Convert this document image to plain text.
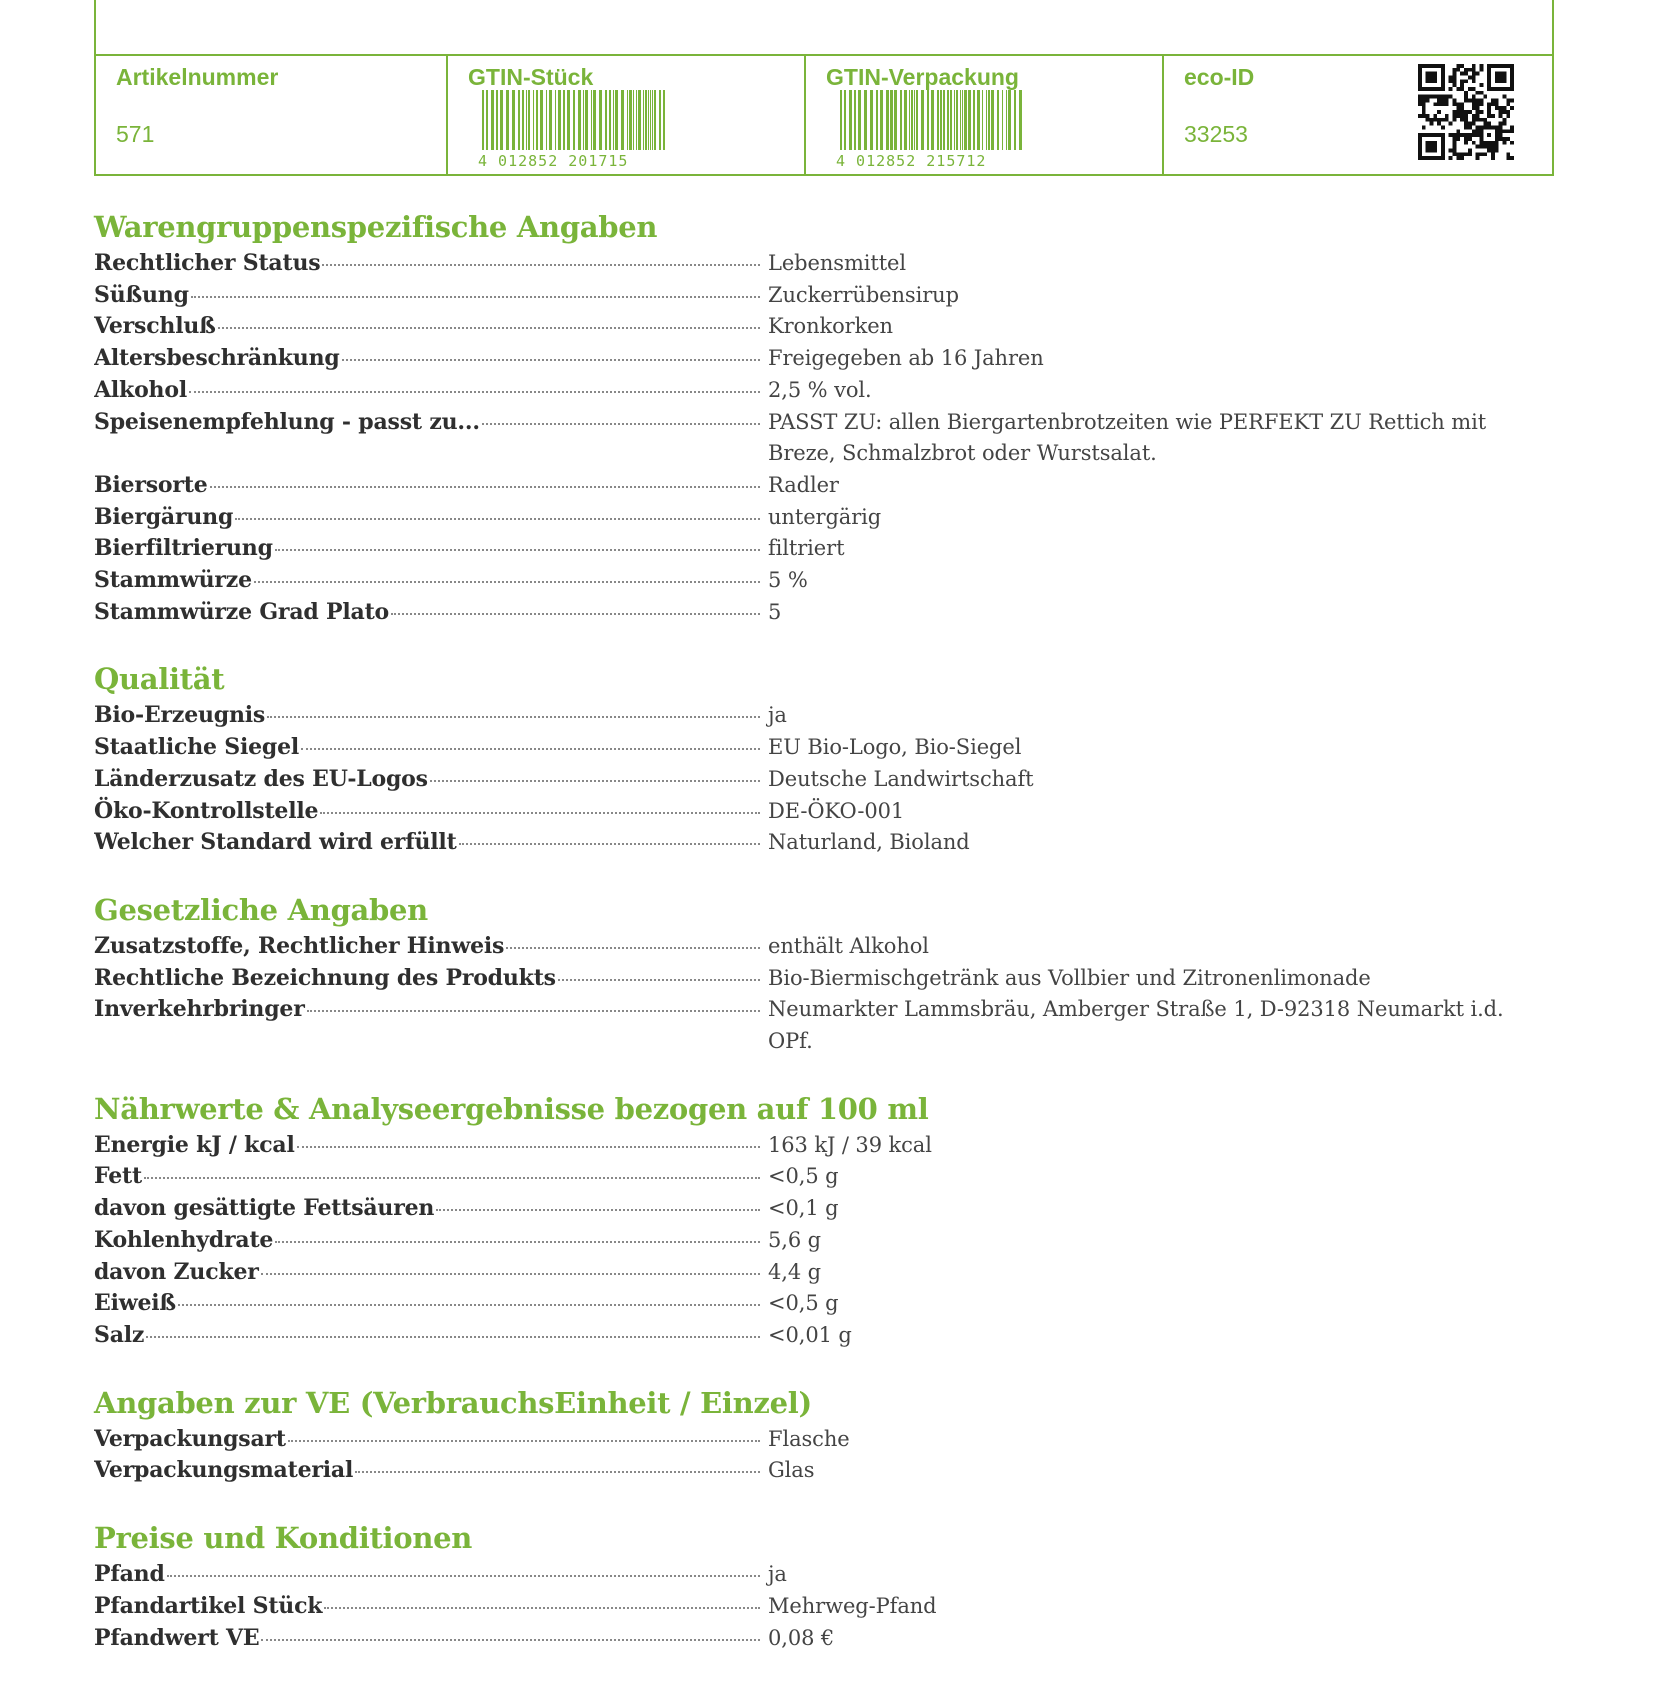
Artikelnummer
571
GTIN-Stück
4 012852 201715
GTIN-Verpackung
4 012852 215712
eco-ID
33253
Warengruppenspezifische Angaben
Rechtlicher Status	Lebensmittel
Süßung	Zuckerrübensirup
Verschluß	Kronkorken
Altersbeschränkung	Freigegeben ab 16 Jahren
Alkohol	2,5 % vol.
Speisenempfehlung - passt zu...	PASST ZU: allen Biergartenbrotzeiten wie PERFEKT ZU Rettich mit Breze, Schmalzbrot oder Wurstsalat.
Biersorte	Radler
Biergärung	untergärig
Bierfiltrierung	filtriert
Stammwürze	5 %
Stammwürze Grad Plato	5
Qualität
Bio-Erzeugnis	ja
Staatliche Siegel	EU Bio-Logo, Bio-Siegel
Länderzusatz des EU-Logos	Deutsche Landwirtschaft
Öko-Kontrollstelle	DE-ÖKO-001
Welcher Standard wird erfüllt	Naturland, Bioland
Gesetzliche Angaben
Zusatzstoffe, Rechtlicher Hinweis	enthält Alkohol
Rechtliche Bezeichnung des Produkts	Bio-Biermischgetränk aus Vollbier und Zitronenlimonade
Inverkehrbringer	Neumarkter Lammsbräu, Amberger Straße 1, D-92318 Neumarkt i.d. OPf.
Nährwerte & Analyseergebnisse bezogen auf 100 ml
Energie kJ / kcal	163 kJ / 39 kcal
Fett	<0,5 g
davon gesättigte Fettsäuren	<0,1 g
Kohlenhydrate	5,6 g
davon Zucker	4,4 g
Eiweiß	<0,5 g
Salz	<0,01 g
Angaben zur VE (VerbrauchsEinheit / Einzel)
Verpackungsart	Flasche
Verpackungsmaterial	Glas
Preise und Konditionen
Pfand	ja
Pfandartikel Stück	Mehrweg-Pfand
Pfandwert VE	0,08 €
